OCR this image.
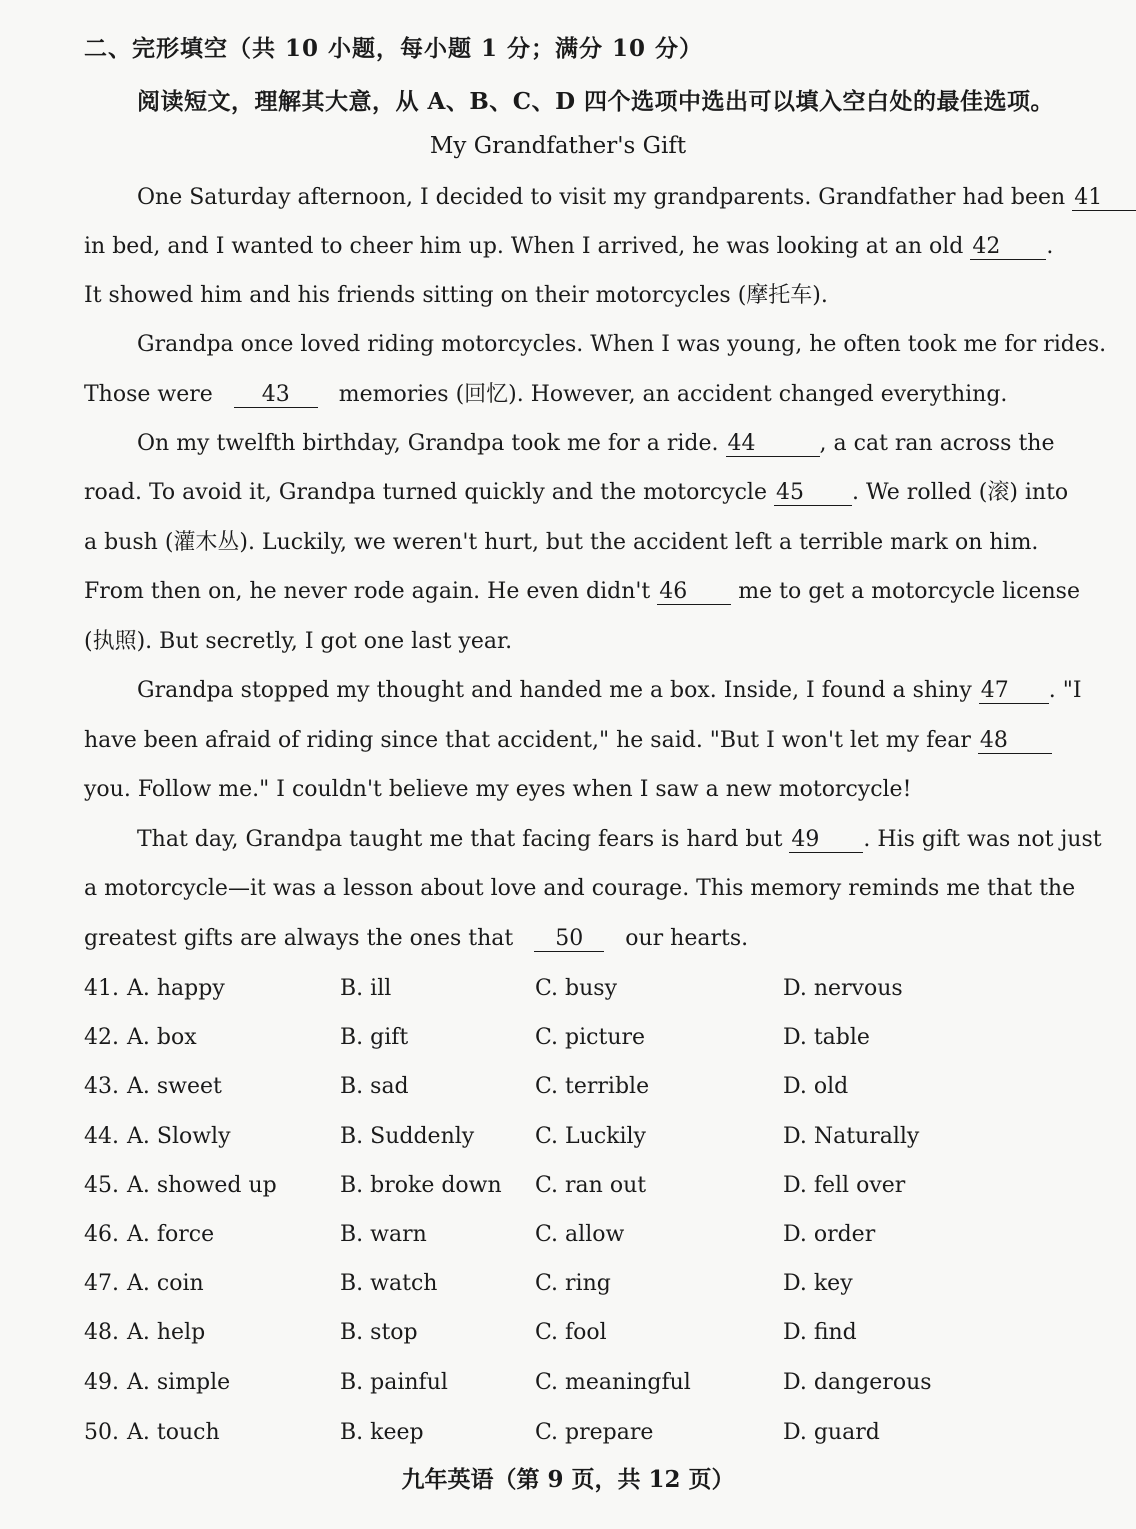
二、完形填空（共 10 小题，每小题 1 分；满分 10 分）
阅读短文，理解其大意，从 A、B、C、D 四个选项中选出可以填入空白处的最佳选项。
My Grandfather's Gift
One Saturday afternoon, I decided to visit my grandparents. Grandfather had been 41
in bed, and I wanted to cheer him up. When I arrived, he was looking at an old 42 .
It showed him and his friends sitting on their motorcycles (摩托车).
Grandpa once loved riding motorcycles. When I was young, he often took me for rides.
Those were 43 memories (回忆). However, an accident changed everything.
On my twelfth birthday, Grandpa took me for a ride. 44	, a cat ran across the
road. To avoid it, Grandpa turned quickly and the motorcycle 45 . We rolled (滚) into
a bush (灌木丛). Luckily, we weren't hurt, but the accident left a terrible mark on him.
From then on, he never rode again. He even didn't 46 me to get a motorcycle license
(执照). But secretly, I got one last year.
Grandpa stopped my thought and handed me a box. Inside, I found a shiny 47 . "I
have been afraid of riding since that accident," he said. "But I won't let my fear 48
you. Follow me." I couldn't believe my eyes when I saw a new motorcycle!
That day, Grandpa taught me that facing fears is hard but 49 . His gift was not just
a motorcycle—it was a lesson about love and courage. This memory reminds me that the
greatest gifts are always the ones that 50 our hearts.
41. A. happy	B. ill	C. busy	D. nervous
42. A. box	B. gift	C. picture	D. table
43. A. sweet	B. sad	C. terrible	D. old
44. A. Slowly	B. Suddenly	C. Luckily	D. Naturally
45. A. showed up	B. broke down C. ran out	D. fell over
46. A. force	B. warn	C. allow	D. order
47. A. coin	B. watch	C. ring	D. key
48. A. help	B. stop	C. fool	D. find
49. A. simple	B. painful	C. meaningful	D. dangerous
50. A. touch	B. keep	C. prepare	D. guard
九年英语（第 9 页，共 12 页）
